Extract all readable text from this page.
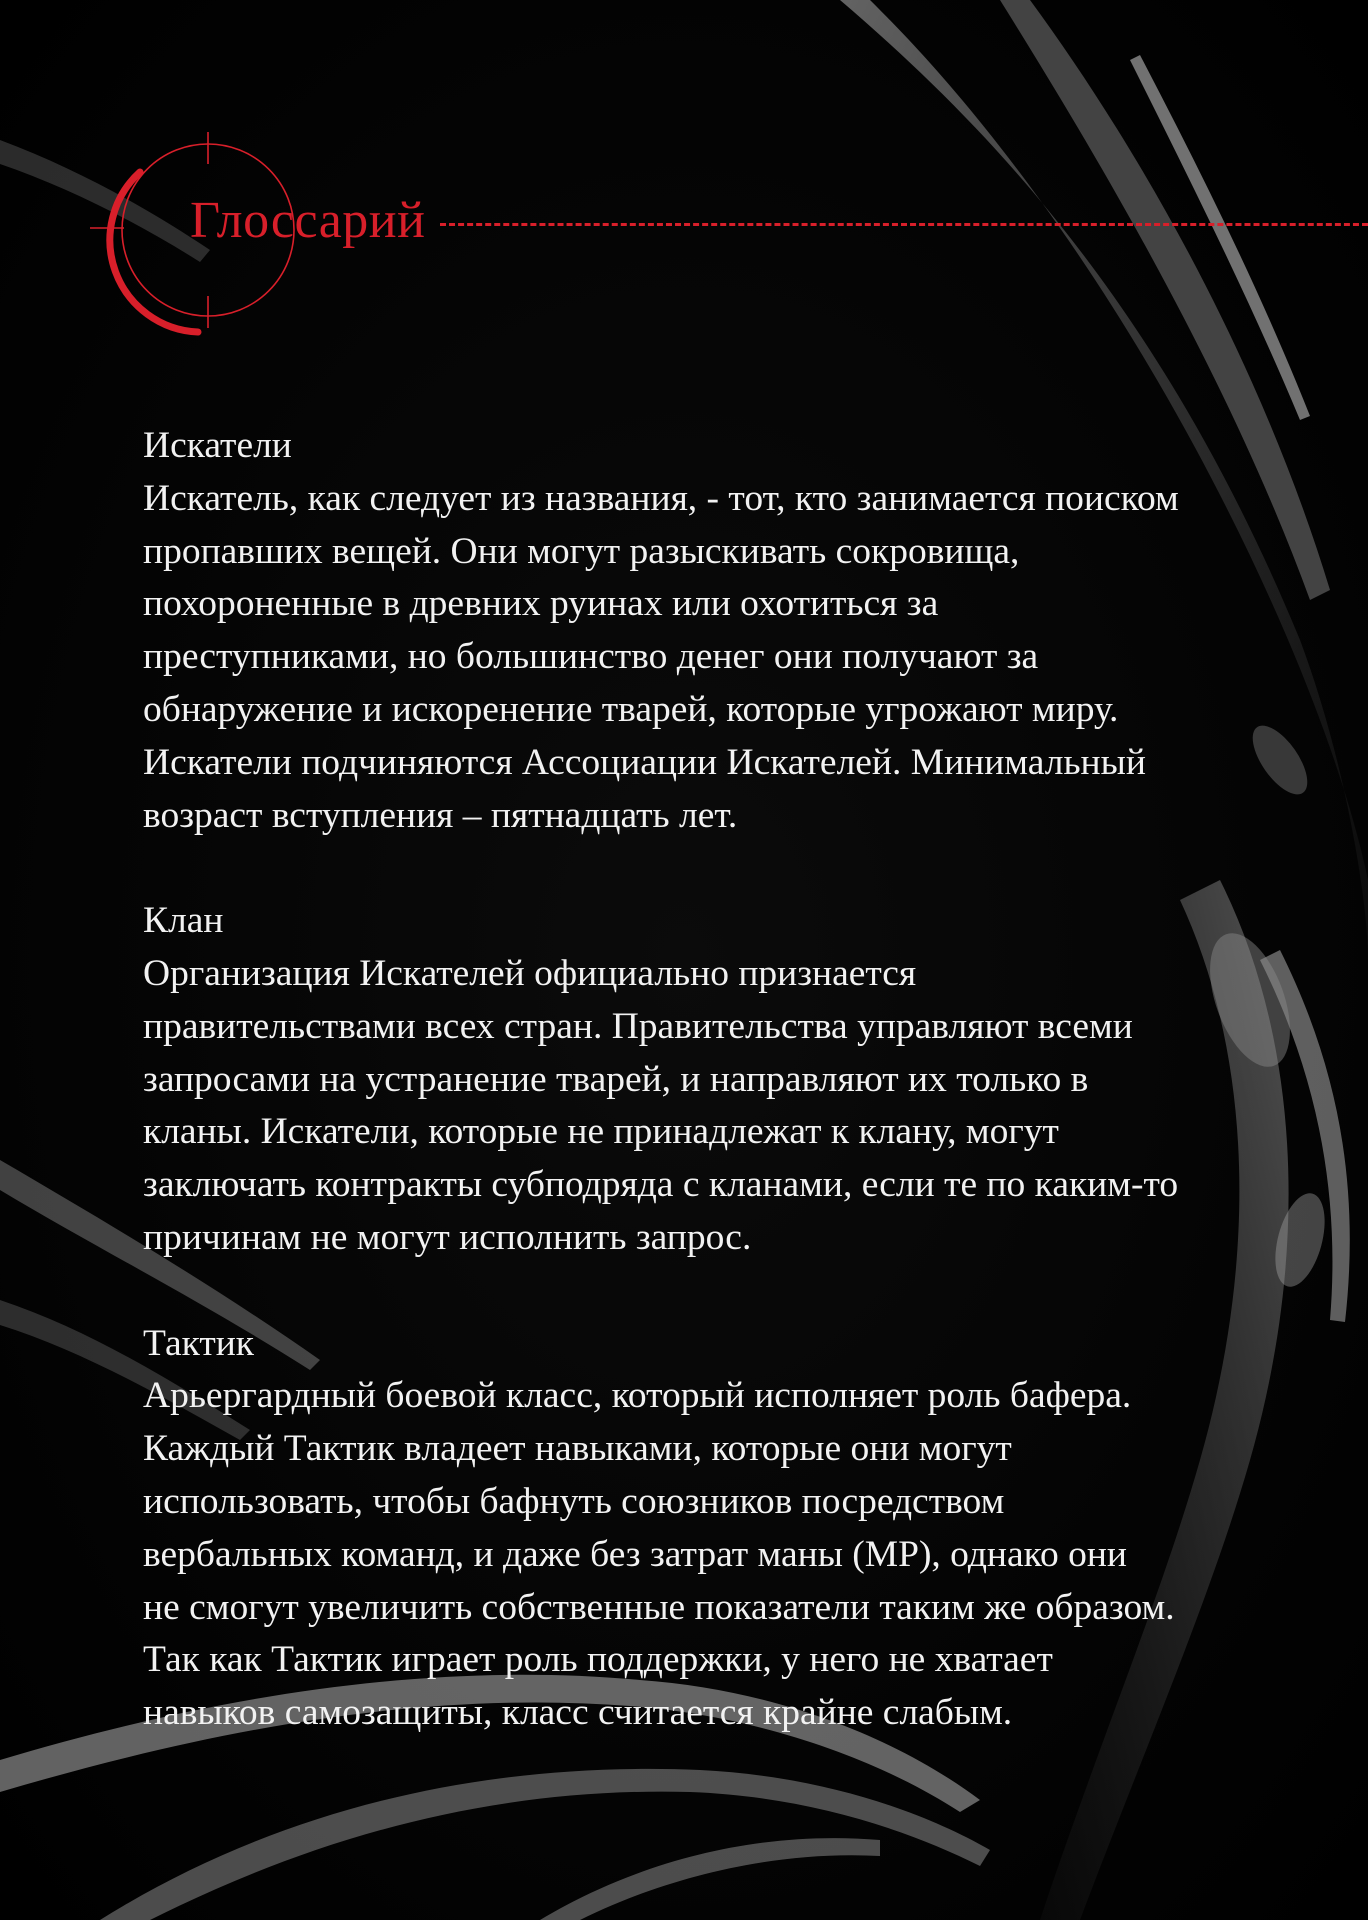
Глоссарий
Искатели

Искатель, как следует из названия, - тот, кто занимается поиском
пропавших вещей. Они могут разыскивать сокровища,
похороненные в древних руинах или охотиться за
преступниками, но большинство денег они получают за
обнаружение и искоренение тварей, которые угрожают миру.
Искатели подчиняются Ассоциации Искателей. Минимальный
возраст вступления – пятнадцать лет.

Клан

Организация Искателей официально признается
правительствами всех стран. Правительства управляют всеми
запросами на устранение тварей, и направляют их только в
кланы. Искатели, которые не принадлежат к клану, могут
заключать контракты субподряда с кланами, если те по каким-то
причинам не могут исполнить запрос.

Тактик

Арьергардный боевой класс, который исполняет роль бафера.
Каждый Тактик владеет навыками, которые они могут
использовать, чтобы бафнуть союзников посредством
вербальных команд, и даже без затрат маны (MP), однако они
не смогут увеличить собственные показатели таким же образом.
Так как Тактик играет роль поддержки, у него не хватает
навыков самозащиты, класс считается крайне слабым.
